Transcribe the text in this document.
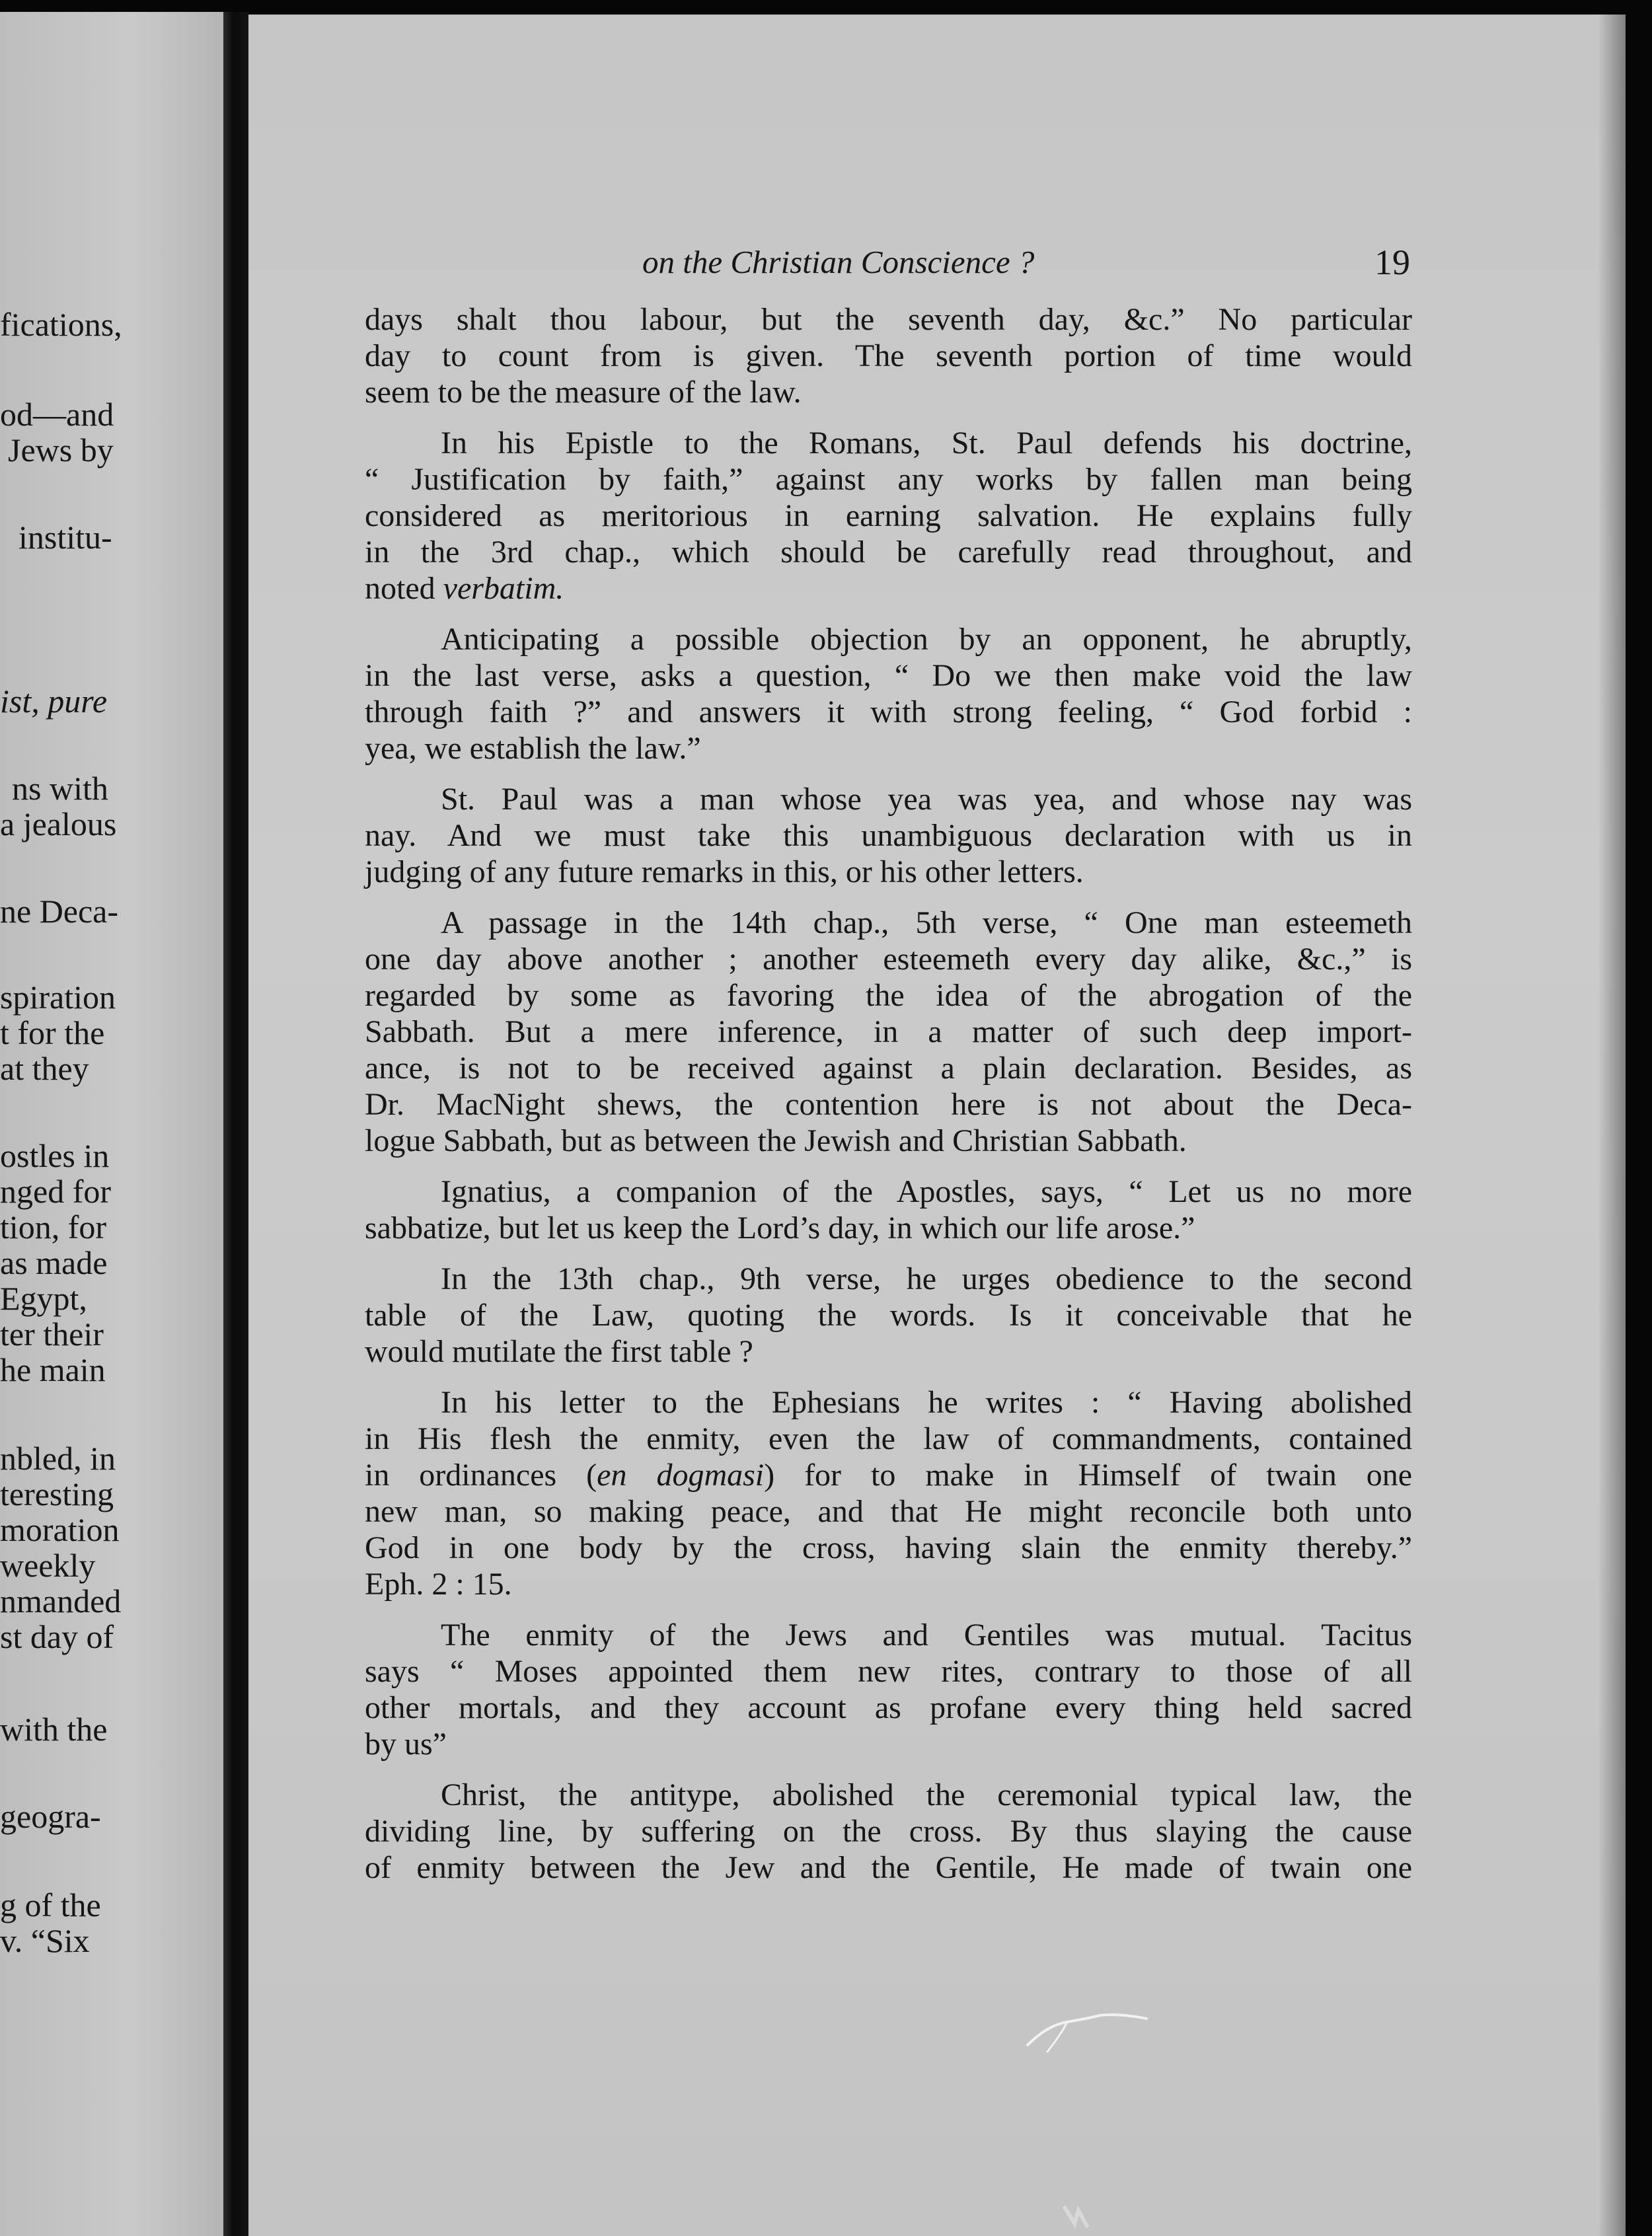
fications,
od—and
Jews by
institu-
ist, pure
ns with
a jealous
ne Deca-
spiration
t for the
at they
ostles in
nged for
tion, for
as made
Egypt,
ter their
he main
nbled, in
teresting
moration
weekly
nmanded
st day of
with the
geogra-
g of the
v. “Six
on the Christian Conscience ?	19
days shalt thou labour, but the seventh day, &c.” No particular
day to count from is given. The seventh portion of time would
seem to be the measure of the law.
In his Epistle to the Romans, St. Paul defends his doctrine,
“ Justification by faith,” against any works by fallen man being
considered as meritorious in earning salvation. He explains fully
in the 3rd chap., which should be carefully read throughout, and
noted verbatim.
Anticipating a possible objection by an opponent, he abruptly,
in the last verse, asks a question, “ Do we then make void the law
through faith ?” and answers it with strong feeling, “ God forbid :
yea, we establish the law.”
St. Paul was a man whose yea was yea, and whose nay was
nay. And we must take this unambiguous declaration with us in
judging of any future remarks in this, or his other letters.
A passage in the 14th chap., 5th verse, “ One man esteemeth
one day above another ; another esteemeth every day alike, &c.,” is
regarded by some as favoring the idea of the abrogation of the
Sabbath. But a mere inference, in a matter of such deep import-
ance, is not to be received against a plain declaration. Besides, as
Dr. MacNight shews, the contention here is not about the Deca-
logue Sabbath, but as between the Jewish and Christian Sabbath.
Ignatius, a companion of the Apostles, says, “ Let us no more
sabbatize, but let us keep the Lord’s day, in which our life arose.”
In the 13th chap., 9th verse, he urges obedience to the second
table of the Law, quoting the words. Is it conceivable that he
would mutilate the first table ?
In his letter to the Ephesians he writes : “ Having abolished
in His flesh the enmity, even the law of commandments, contained
in ordinances (en dogmasi) for to make in Himself of twain one
new man, so making peace, and that He might reconcile both unto
God in one body by the cross, having slain the enmity thereby.”
Eph. 2 : 15.
The enmity of the Jews and Gentiles was mutual. Tacitus
says “ Moses appointed them new rites, contrary to those of all
other mortals, and they account as profane every thing held sacred
by us”
Christ, the antitype, abolished the ceremonial typical law, the
dividing line, by suffering on the cross. By thus slaying the cause
of enmity between the Jew and the Gentile, He made of twain one
